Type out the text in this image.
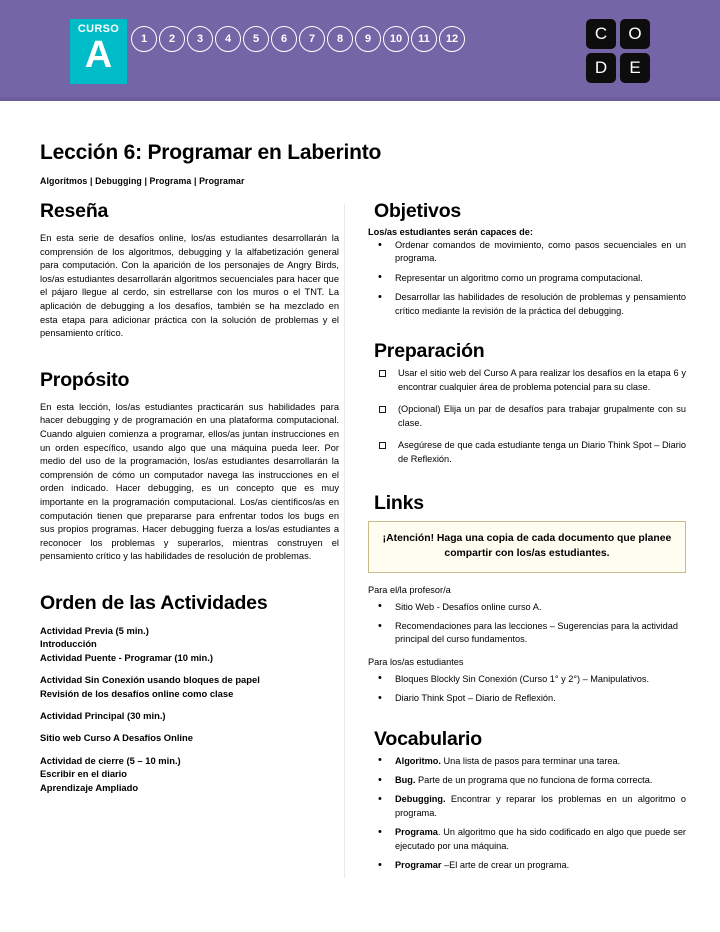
CURSO
A	1	2	3	4	5	6	7	8	9	10	11	12	C	O
D	E
Lección 6: Programar en Laberinto
Algoritmos | Debugging | Programa | Programar
Reseña

En esta serie de desafíos online, los/as estudiantes desarrollarán la comprensión de los algoritmos, debugging y la alfabetización general para computación. Con la aparición de los personajes de Angry Birds, los/as estudiantes desarrollarán algoritmos secuenciales para hacer que el pájaro llegue al cerdo, sin estrellarse con los muros o el TNT. La aplicación de debugging a los desafíos, también se ha mezclado en esta etapa para adicionar práctica con la solución de problemas y el pensamiento crítico.

Propósito

En esta lección, los/as estudiantes practicarán sus habilidades para hacer debugging y de programación en una plataforma computacional. Cuando alguien comienza a programar, ellos/as juntan instrucciones en un orden específico, usando algo que una máquina pueda leer. Por medio del uso de la programación, los/as estudiantes desarrollarán la comprensión de cómo un computador navega las instrucciones en el orden indicado. Hacer debugging, es un concepto que es muy importante en la programación computacional. Los/as científicos/as en computación tienen que prepararse para enfrentar todos los bugs en sus propios programas. Hacer debugging fuerza a los/as estudiantes a reconocer los problemas y superarlos, mientras construyen el pensamiento crítico y las habilidades de resolución de problemas.

Orden de las Actividades
Actividad Previa (5 min.)
Introducción
Actividad Puente - Programar (10 min.)
Actividad Sin Conexión usando bloques de papel
Revisión de los desafíos online como clase
Actividad Principal (30 min.)
Sitio web Curso A Desafíos Online
Actividad de cierre (5 – 10 min.)
Escribir en el diario
Aprendizaje Ampliado
Objetivos
Los/as estudiantes serán capaces de:
• Ordenar comandos de movimiento, como pasos secuenciales en un programa.
• Representar un algoritmo como un programa computacional.
• Desarrollar las habilidades de resolución de problemas y pensamiento crítico mediante la revisión de la práctica del debugging.
Preparación
Usar el sitio web del Curso A para realizar los desafíos en la etapa 6 y encontrar cualquier área de problema potencial para su clase.
(Opcional) Elija un par de desafíos para trabajar grupalmente con su clase.
Asegúrese de que cada estudiante tenga un Diario Think Spot – Diario de Reflexión.
Links
¡Atención! Haga una copia de cada documento que planee compartir con los/as estudiantes.
Para el/la profesor/a
• Sitio Web - Desafíos online curso A.
• Recomendaciones para las lecciones – Sugerencias para la actividad principal del curso fundamentos.
Para los/as estudiantes
• Bloques Blockly Sin Conexión (Curso 1° y 2°) – Manipulativos.
• Diario Think Spot – Diario de Reflexión.
Vocabulario
• Algoritmo. Una lista de pasos para terminar una tarea.
• Bug. Parte de un programa que no funciona de forma correcta.
• Debugging. Encontrar y reparar los problemas en un algoritmo o programa.
• Programa. Un algoritmo que ha sido codificado en algo que puede ser ejecutado por una máquina.
• Programar –El arte de crear un programa.
